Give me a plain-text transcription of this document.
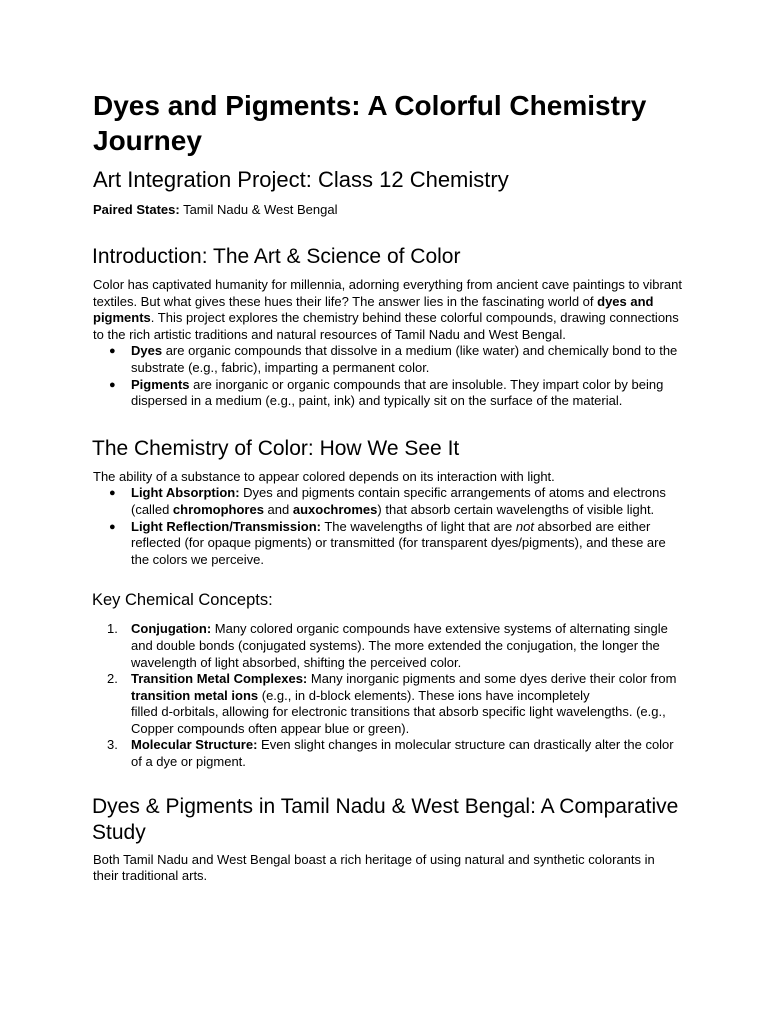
Dyes and Pigments: A Colorful Chemistry Journey
Art Integration Project: Class 12 Chemistry

Paired States: Tamil Nadu & West Bengal

Introduction: The Art & Science of Color

Color has captivated humanity for millennia, adorning everything from ancient cave paintings to vibrant textiles. But what gives these hues their life? The answer lies in the fascinating world of dyes and pigments. This project explores the chemistry behind these colorful compounds, drawing connections to the rich artistic traditions and natural resources of Tamil Nadu and West Bengal.

● Dyes are organic compounds that dissolve in a medium (like water) and chemically bond to the substrate (e.g., fabric), imparting a permanent color.
● Pigments are inorganic or organic compounds that are insoluble. They impart color by being dispersed in a medium (e.g., paint, ink) and typically sit on the surface of the material.
The Chemistry of Color: How We See It

The ability of a substance to appear colored depends on its interaction with light.

● Light Absorption: Dyes and pigments contain specific arrangements of atoms and electrons (called chromophores and auxochromes) that absorb certain wavelengths of visible light.
● Light Reflection/Transmission: The wavelengths of light that are not absorbed are either reflected (for opaque pigments) or transmitted (for transparent dyes/pigments), and these are the colors we perceive.
Key Chemical Concepts:
1. Conjugation: Many colored organic compounds have extensive systems of alternating single and double bonds (conjugated systems). The more extended the conjugation, the longer the wavelength of light absorbed, shifting the perceived color.
2. Transition Metal Complexes: Many inorganic pigments and some dyes derive their color from transition metal ions (e.g., in d-block elements). These ions have incompletely
filled d-orbitals, allowing for electronic transitions that absorb specific light wavelengths. (e.g., Copper compounds often appear blue or green).
3. Molecular Structure: Even slight changes in molecular structure can drastically alter the color of a dye or pigment.
Dyes & Pigments in Tamil Nadu & West Bengal: A Comparative Study

Both Tamil Nadu and West Bengal boast a rich heritage of using natural and synthetic colorants in their traditional arts.
